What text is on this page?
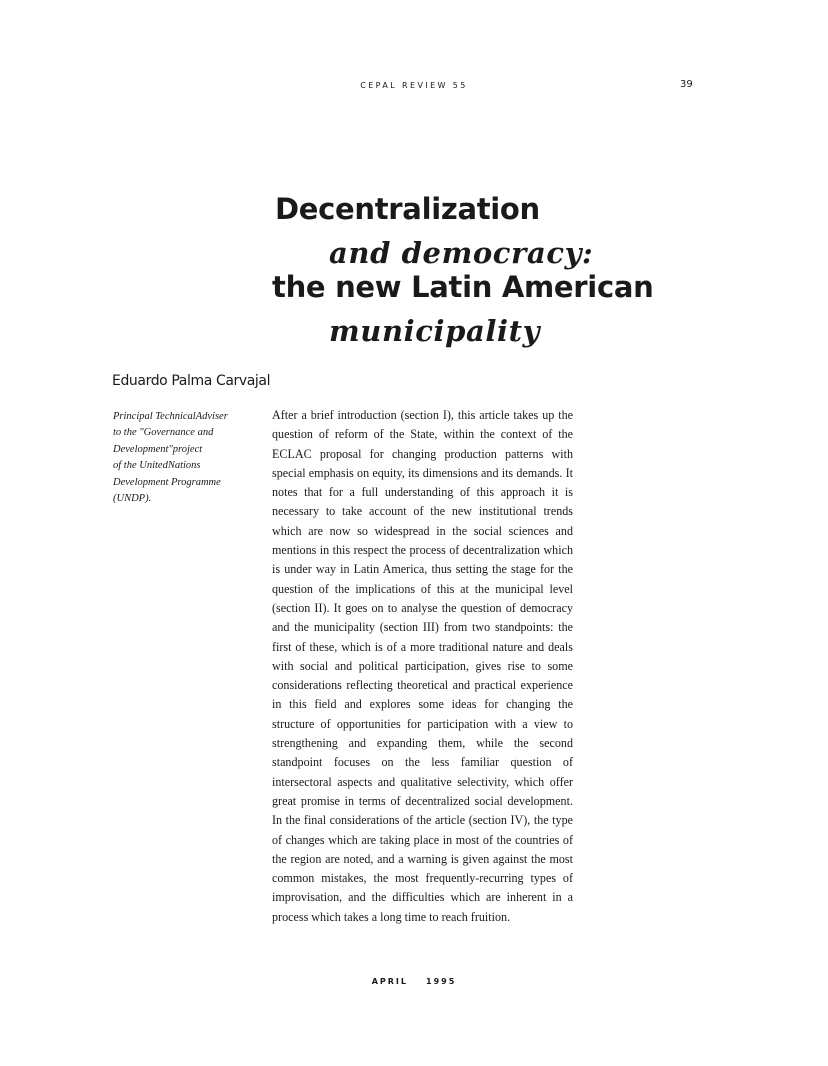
CEPAL REVIEW 55	39
Decentralization
and democracy:
the new Latin American
municipality
Eduardo Palma Carvajal
Principal TechnicalAdviser
to the "Governance and
Development"project
of the UnitedNations
Development Programme
(UNDP).
After a brief introduction (section I), this article takes up the question of reform of the State, within the context of the ECLAC proposal for changing production patterns with special emphasis on equity, its dimensions and its demands. It notes that for a full understanding of this approach it is necessary to take account of the new institutional trends which are now so widespread in the social sciences and mentions in this respect the process of decentralization which is under way in Latin America, thus setting the stage for the question of the implications of this at the municipal level (section II). It goes on to analyse the question of democracy and the municipality (section III) from two standpoints: the first of these, which is of a more traditional nature and deals with social and political participation, gives rise to some considerations reflecting theoretical and practical experience in this field and explores some ideas for changing the structure of opportunities for participation with a view to strengthening and expanding them, while the second standpoint focuses on the less familiar question of intersectoral aspects and qualitative selectivity, which offer great promise in terms of decentralized social development. In the final considerations of the article (section IV), the type of changes which are taking place in most of the countries of the region are noted, and a warning is given against the most common mistakes, the most frequently-recurring types of improvisation, and the difficulties which are inherent in a process which takes a long time to reach fruition.
APRIL 1995
